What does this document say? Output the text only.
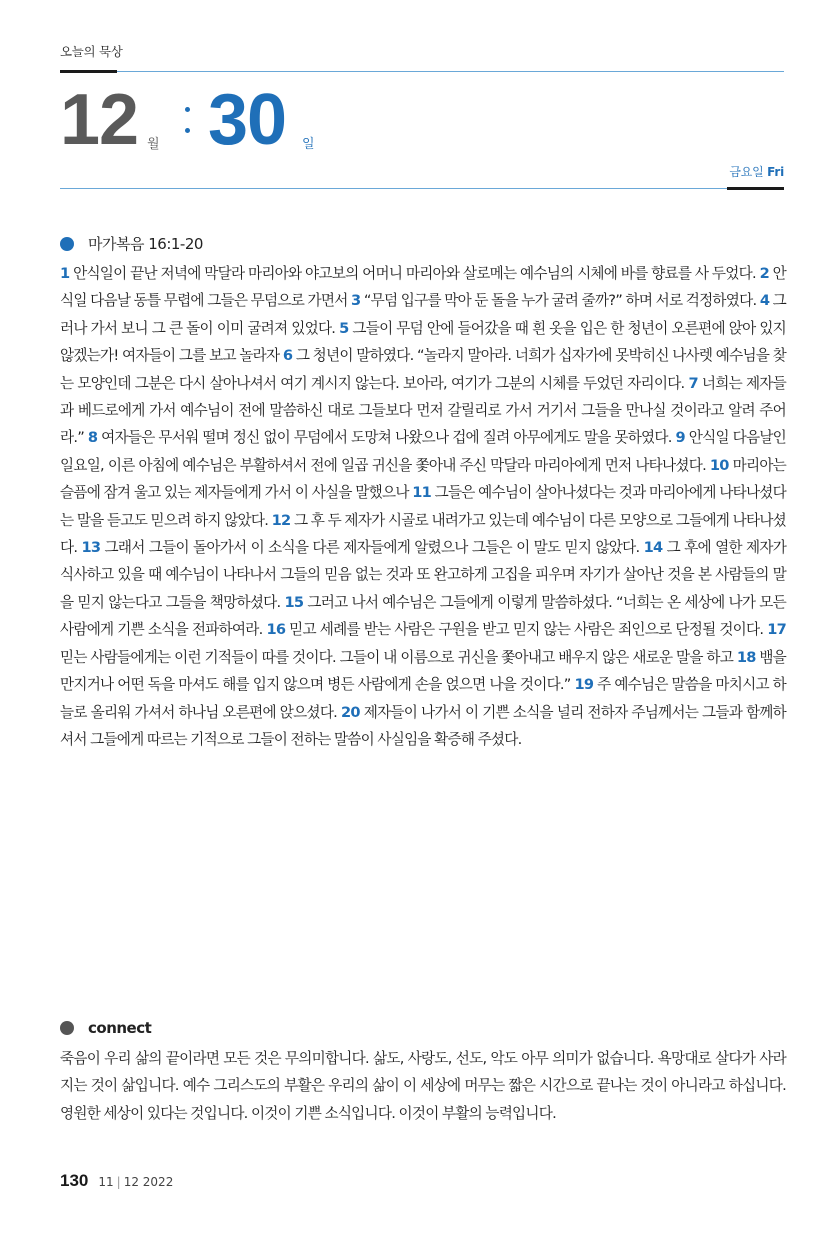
오늘의 묵상
12 월 30 일
금요일 Fri
마가복음 16:1-20
1 안식일이 끝난 저녁에 막달라 마리아와 야고보의 어머니 마리아와 살로메는 예수님의 시체에 바를 향료를 사 두었다. 2 안식일 다음날 동틀 무렵에 그들은 무덤으로 가면서 3 “무덤 입구를 막아 둔 돌을 누가 굴려 줄까?” 하며 서로 걱정하였다. 4 그러나 가서 보니 그 큰 돌이 이미 굴려져 있었다. 5 그들이 무덤 안에 들어갔을 때 흰 옷을 입은 한 청년이 오른편에 앉아 있지 않겠는가! 여자들이 그를 보고 놀라자 6 그 청년이 말하였다. “놀라지 말아라. 너희가 십자가에 못박히신 나사렛 예수님을 찾는 모양인데 그분은 다시 살아나셔서 여기 계시지 않는다. 보아라, 여기가 그분의 시체를 두었던 자리이다. 7 너희는 제자들과 베드로에게 가서 예수님이 전에 말씀하신 대로 그들보다 먼저 갈릴리로 가서 거기서 그들을 만나실 것이라고 알려 주어라.” 8 여자들은 무서워 떨며 정신 없이 무덤에서 도망쳐 나왔으나 겁에 질려 아무에게도 말을 못하였다. 9 안식일 다음날인 일요일, 이른 아침에 예수님은 부활하셔서 전에 일곱 귀신을 쫓아내 주신 막달라 마리아에게 먼저 나타나셨다. 10 마리아는 슬픔에 잠겨 울고 있는 제자들에게 가서 이 사실을 말했으나 11 그들은 예수님이 살아나셨다는 것과 마리아에게 나타나셨다는 말을 듣고도 믿으려 하지 않았다. 12 그 후 두 제자가 시골로 내려가고 있는데 예수님이 다른 모양으로 그들에게 나타나셨다. 13 그래서 그들이 돌아가서 이 소식을 다른 제자들에게 알렸으나 그들은 이 말도 믿지 않았다. 14 그 후에 열한 제자가 식사하고 있을 때 예수님이 나타나서 그들의 믿음 없는 것과 또 완고하게 고집을 피우며 자기가 살아난 것을 본 사람들의 말을 믿지 않는다고 그들을 책망하셨다. 15 그러고 나서 예수님은 그들에게 이렇게 말씀하셨다. “너희는 온 세상에 나가 모든 사람에게 기쁜 소식을 전파하여라. 16 믿고 세례를 받는 사람은 구원을 받고 믿지 않는 사람은 죄인으로 단정될 것이다. 17 믿는 사람들에게는 이런 기적들이 따를 것이다. 그들이 내 이름으로 귀신을 쫓아내고 배우지 않은 새로운 말을 하고 18 뱀을 만지거나 어떤 독을 마셔도 해를 입지 않으며 병든 사람에게 손을 얹으면 나을 것이다.” 19 주 예수님은 말씀을 마치시고 하늘로 올리워 가셔서 하나님 오른편에 앉으셨다. 20 제자들이 나가서 이 기쁜 소식을 널리 전하자 주님께서는 그들과 함께하셔서 그들에게 따르는 기적으로 그들이 전하는 말씀이 사실임을 확증해 주셨다.
connect
죽음이 우리 삶의 끝이라면 모든 것은 무의미합니다. 삶도, 사랑도, 선도, 악도 아무 의미가 없습니다. 욕망대로 살다가 사라지는 것이 삶입니다. 예수 그리스도의 부활은 우리의 삶이 이 세상에 머무는 짧은 시간으로 끝나는 것이 아니라고 하십니다. 영원한 세상이 있다는 것입니다. 이것이 기쁜 소식입니다. 이것이 부활의 능력입니다.
130 11 | 12 2022
